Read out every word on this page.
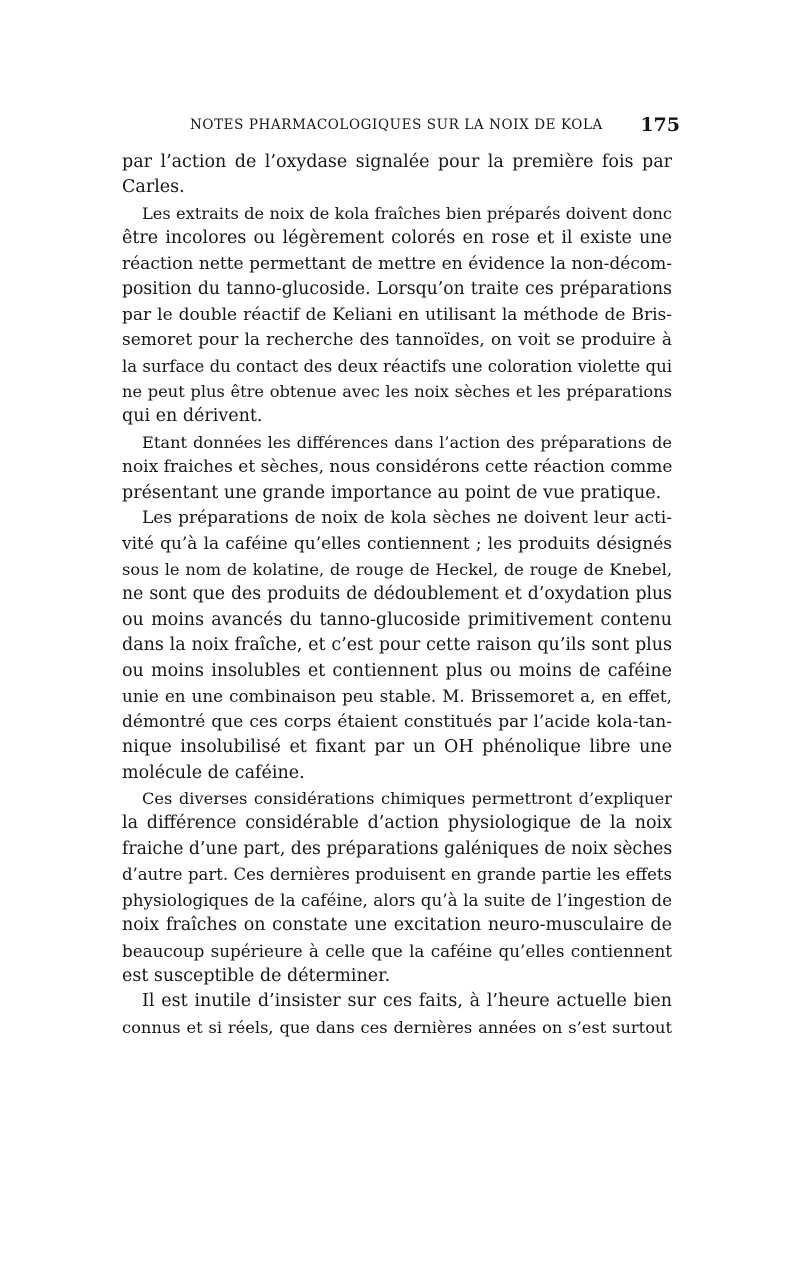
NOTES PHARMACOLOGIQUES SUR LA NOIX DE KOLA 175
par l’action de l’oxydase signalée pour la première fois par
Carles.
Les extraits de noix de kola fraîches bien préparés doivent donc
être incolores ou légèrement colorés en rose et il existe une
réaction nette permettant de mettre en évidence la non-décom-
position du tanno-glucoside. Lorsqu’on traite ces préparations
par le double réactif de Keliani en utilisant la méthode de Bris-
semoret pour la recherche des tannoïdes, on voit se produire à
la surface du contact des deux réactifs une coloration violette qui
ne peut plus être obtenue avec les noix sèches et les préparations
qui en dérivent.
Etant données les différences dans l’action des préparations de
noix fraiches et sèches, nous considérons cette réaction comme
présentant une grande importance au point de vue pratique.
Les préparations de noix de kola sèches ne doivent leur acti-
vité qu’à la caféine qu’elles contiennent ; les produits désignés
sous le nom de kolatine, de rouge de Heckel, de rouge de Knebel,
ne sont que des produits de dédoublement et d’oxydation plus
ou moins avancés du tanno-glucoside primitivement contenu
dans la noix fraîche, et c’est pour cette raison qu’ils sont plus
ou moins insolubles et contiennent plus ou moins de caféine
unie en une combinaison peu stable. M. Brissemoret a, en effet,
démontré que ces corps étaient constitués par l’acide kola-tan-
nique insolubilisé et fixant par un OH phénolique libre une
molécule de caféine.
Ces diverses considérations chimiques permettront d’expliquer
la différence considérable d’action physiologique de la noix
fraiche d’une part, des préparations galéniques de noix sèches
d’autre part. Ces dernières produisent en grande partie les effets
physiologiques de la caféine, alors qu’à la suite de l’ingestion de
noix fraîches on constate une excitation neuro-musculaire de
beaucoup supérieure à celle que la caféine qu’elles contiennent
est susceptible de déterminer.
Il est inutile d’insister sur ces faits, à l’heure actuelle bien
connus et si réels, que dans ces dernières années on s’est surtout
